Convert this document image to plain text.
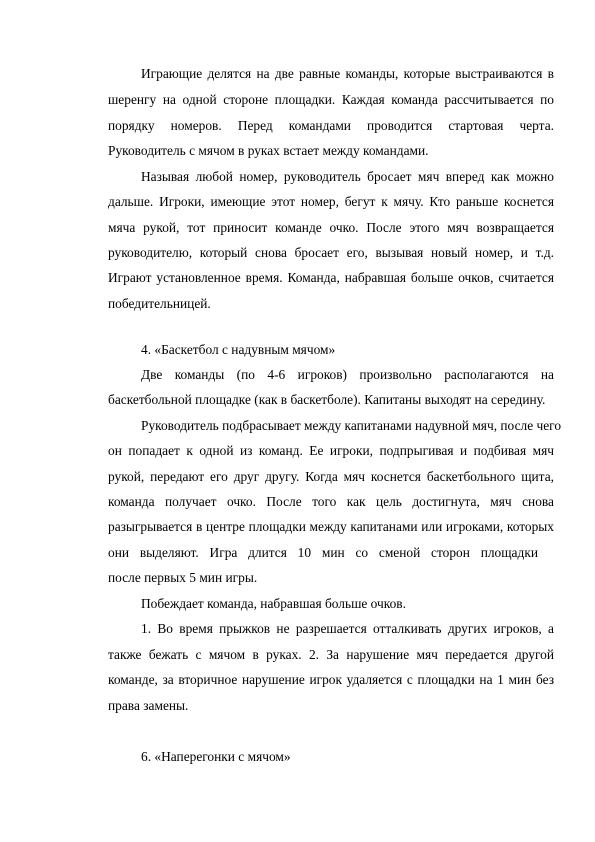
Играющие делятся на две равные команды, которые выстраиваются в
шеренгу на одной стороне площадки. Каждая команда рассчитывается по
порядку номеров. Перед командами проводится стартовая черта.
Руководитель с мячом в руках встает между командами.
Называя любой номер, руководитель бросает мяч вперед как можно
дальше. Игроки, имеющие этот номер, бегут к мячу. Кто раньше коснется
мяча рукой, тот приносит команде очко. После этого мяч возвращается
руководителю, который снова бросает его, вызывая новый номер, и т.д.
Играют установленное время. Команда, набравшая больше очков, считается
победительницей.
4. «Баскетбол с надувным мячом»
Две команды (по 4-6 игроков) произвольно располагаются на
баскетбольной площадке (как в баскетболе). Капитаны выходят на середину.
Руководитель подбрасывает между капитанами надувной мяч, после чего
он попадает к одной из команд. Ее игроки, подпрыгивая и подбивая мяч
рукой, передают его друг другу. Когда мяч коснется баскетбольного щита,
команда получает очко. После того как цель достигнута, мяч снова
разыгрывается в центре площадки между капитанами или игроками, которых
они выделяют. Игра длится 10 мин со сменой сторон площадки
после первых 5 мин игры.
Побеждает команда, набравшая больше очков.
1. Во время прыжков не разрешается отталкивать других игроков, а
также бежать с мячом в руках. 2. За нарушение мяч передается другой
команде, за вторичное нарушение игрок удаляется с площадки на 1 мин без
права замены.
6. «Наперегонки с мячом»
